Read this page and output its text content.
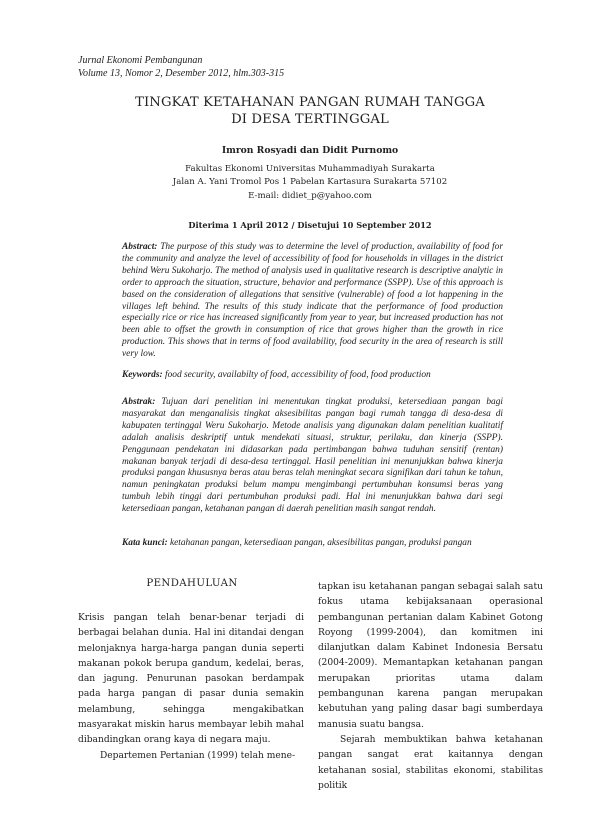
Jurnal Ekonomi Pembangunan
Volume 13, Nomor 2, Desember 2012, hlm.303-315
TINGKAT KETAHANAN PANGAN RUMAH TANGGA
DI DESA TERTINGGAL
Imron Rosyadi dan Didit Purnomo
Fakultas Ekonomi Universitas Muhammadiyah Surakarta
Jalan A. Yani Tromol Pos 1 Pabelan Kartasura Surakarta 57102
E-mail: didiet_p@yahoo.com
Diterima 1 April 2012 / Disetujui 10 September 2012
Abstract: The purpose of this study was to determine the level of production, availability of food for the community and analyze the level of accessibility of food for households in villages in the district behind Weru Sukoharjo. The method of analysis used in qualitative research is descriptive analytic in order to approach the situation, structure, behavior and performance (SSPP). Use of this approach is based on the consideration of allegations that sensitive (vulnerable) of food a lot happening in the villages left behind. The results of this study indicate that the performance of food production especially rice or rice has increased significantly from year to year, but increased production has not been able to offset the growth in consumption of rice that grows higher than the growth in rice production. This shows that in terms of food availability, food security in the area of research is still very low.
Keywords: food security, availabilty of food, accessibility of food, food production
Abstrak: Tujuan dari penelitian ini menentukan tingkat produksi, ketersediaan pangan bagi masyarakat dan menganalisis tingkat aksesibilitas pangan bagi rumah tangga di desa-desa di kabupaten tertinggal Weru Sukoharjo. Metode analisis yang digunakan dalam penelitian kualitatif adalah analisis deskriptif untuk mendekati situasi, struktur, perilaku, dan kinerja (SSPP). Penggunaan pendekatan ini didasarkan pada pertimbangan bahwa tuduhan sensitif (rentan) makanan banyak terjadi di desa-desa tertinggal. Hasil penelitian ini menunjukkan bahwa kinerja produksi pangan khususnya beras atau beras telah meningkat secara signifikan dari tahun ke tahun, namun peningkatan produksi belum mampu mengimbangi pertumbuhan konsumsi beras yang tumbuh lebih tinggi dari pertumbuhan produksi padi. Hal ini menunjukkan bahwa dari segi ketersediaan pangan, ketahanan pangan di daerah penelitian masih sangat rendah.
Kata kunci: ketahanan pangan, ketersediaan pangan, aksesibilitas pangan, produksi pangan
PENDAHULUAN

Krisis pangan telah benar-benar terjadi di berbagai belahan dunia. Hal ini ditandai dengan melonjaknya harga-harga pangan dunia seperti makanan pokok berupa gandum, kedelai, beras, dan jagung. Penurunan pasokan berdampak pada harga pangan di pasar dunia semakin melambung, sehingga mengakibatkan masyarakat miskin harus membayar lebih mahal dibandingkan orang kaya di negara maju.

Departemen Pertanian (1999) telah mene-

tapkan isu ketahanan pangan sebagai salah satu fokus utama kebijaksanaan operasional pembangunan pertanian dalam Kabinet Gotong Royong (1999-2004), dan komitmen ini dilanjutkan dalam Kabinet Indonesia Bersatu (2004-2009). Memantapkan ketahanan pangan merupakan prioritas utama dalam pembangunan karena pangan merupakan kebutuhan yang paling dasar bagi sumberdaya manusia suatu bangsa.

Sejarah membuktikan bahwa ketahanan pangan sangat erat kaitannya dengan ketahanan sosial, stabilitas ekonomi, stabilitas politik
